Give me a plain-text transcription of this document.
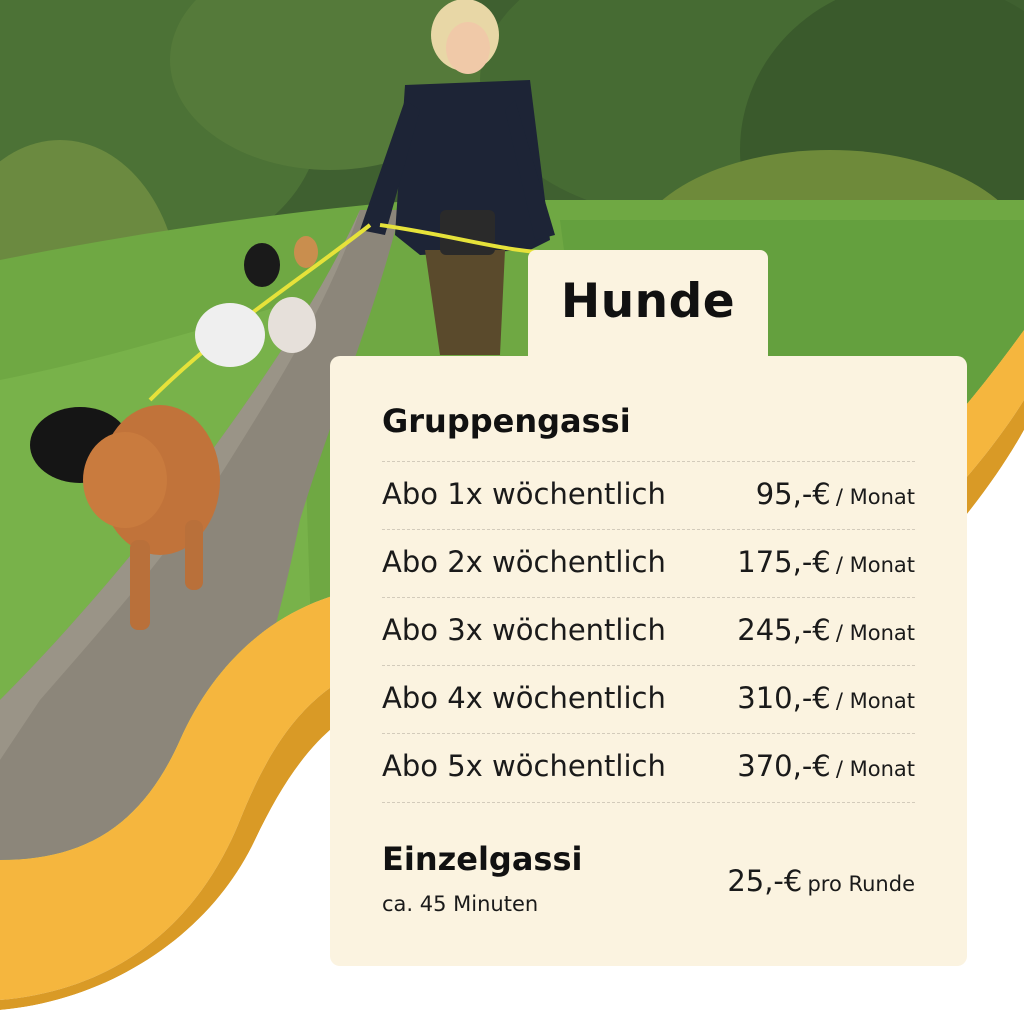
Hunde
Gruppengassi
Abo 1x wöchentlich	95,-€ / Monat
Abo 2x wöchentlich 175,-€ / Monat
Abo 3x wöchentlich 245,-€ / Monat
Abo 4x wöchentlich 310,-€ / Monat
Abo 5x wöchentlich 370,-€ / Monat
Einzelgassi
ca. 45 Minuten
25,-€ pro Runde
